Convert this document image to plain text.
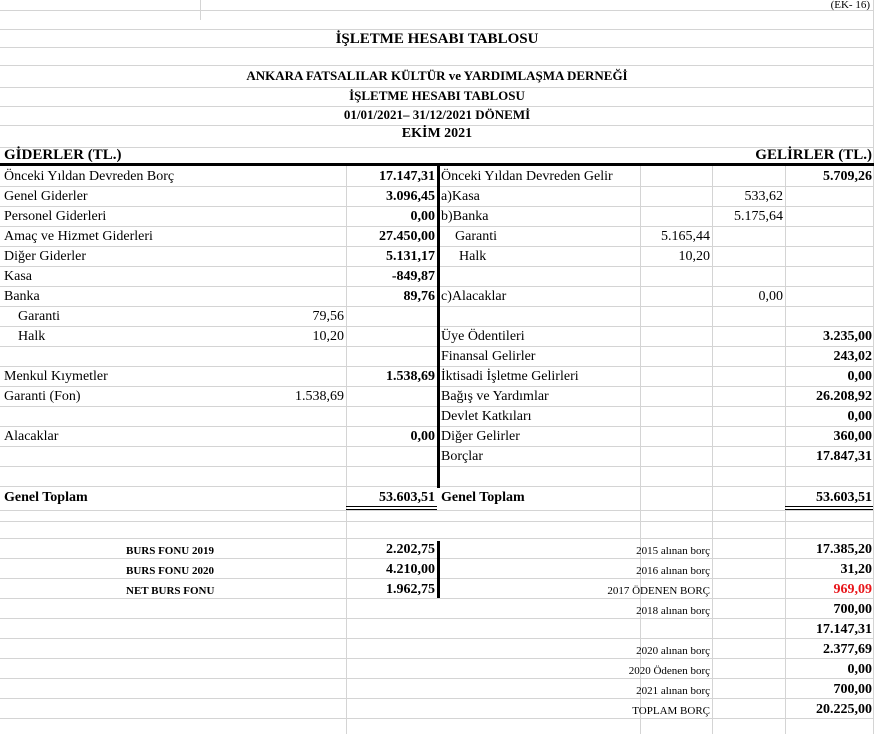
(EK- 16)
İŞLETME HESABI TABLOSU
ANKARA FATSALILAR KÜLTÜR ve YARDIMLAŞMA DERNEĞİ
İŞLETME HESABI TABLOSU
01/01/2021– 31/12/2021 DÖNEMİ
EKİM 2021
GİDERLER (TL.)	GELİRLER (TL.)
Önceki Yıldan Devreden Borç	17.147,31
Genel Giderler	3.096,45
Personel Giderleri	0,00
Amaç ve Hizmet Giderleri	27.450,00
Diğer Giderler	5.131,17
Kasa	-849,87
Banka	89,76
Garanti	79,56
Halk	10,20
Menkul Kıymetler	1.538,69
Garanti (Fon)	1.538,69
Alacaklar	0,00
Genel Toplam	53.603,51
Önceki Yıldan Devreden Gelir	5.709,26
a)Kasa	533,62
b)Banka	5.175,64
Garanti	5.165,44
Halk	10,20
c)Alacaklar	0,00
Üye Ödentileri	3.235,00
Finansal Gelirler	243,02
İktisadi İşletme Gelirleri	0,00
Bağış ve Yardımlar	26.208,92
Devlet Katkıları	0,00
Diğer Gelirler	360,00
Borçlar	17.847,31
Genel Toplam	53.603,51
BURS FONU 2019	2.202,75
BURS FONU 2020	4.210,00
NET BURS FONU	1.962,75
2015 alınan borç	17.385,20
2016 alınan borç	31,20
2017 ÖDENEN BORÇ	969,09
2018 alınan borç	700,00
17.147,31
2020 alınan borç	2.377,69
2020 Ödenen borç	0,00
2021 alınan borç	700,00
TOPLAM BORÇ	20.225,00
